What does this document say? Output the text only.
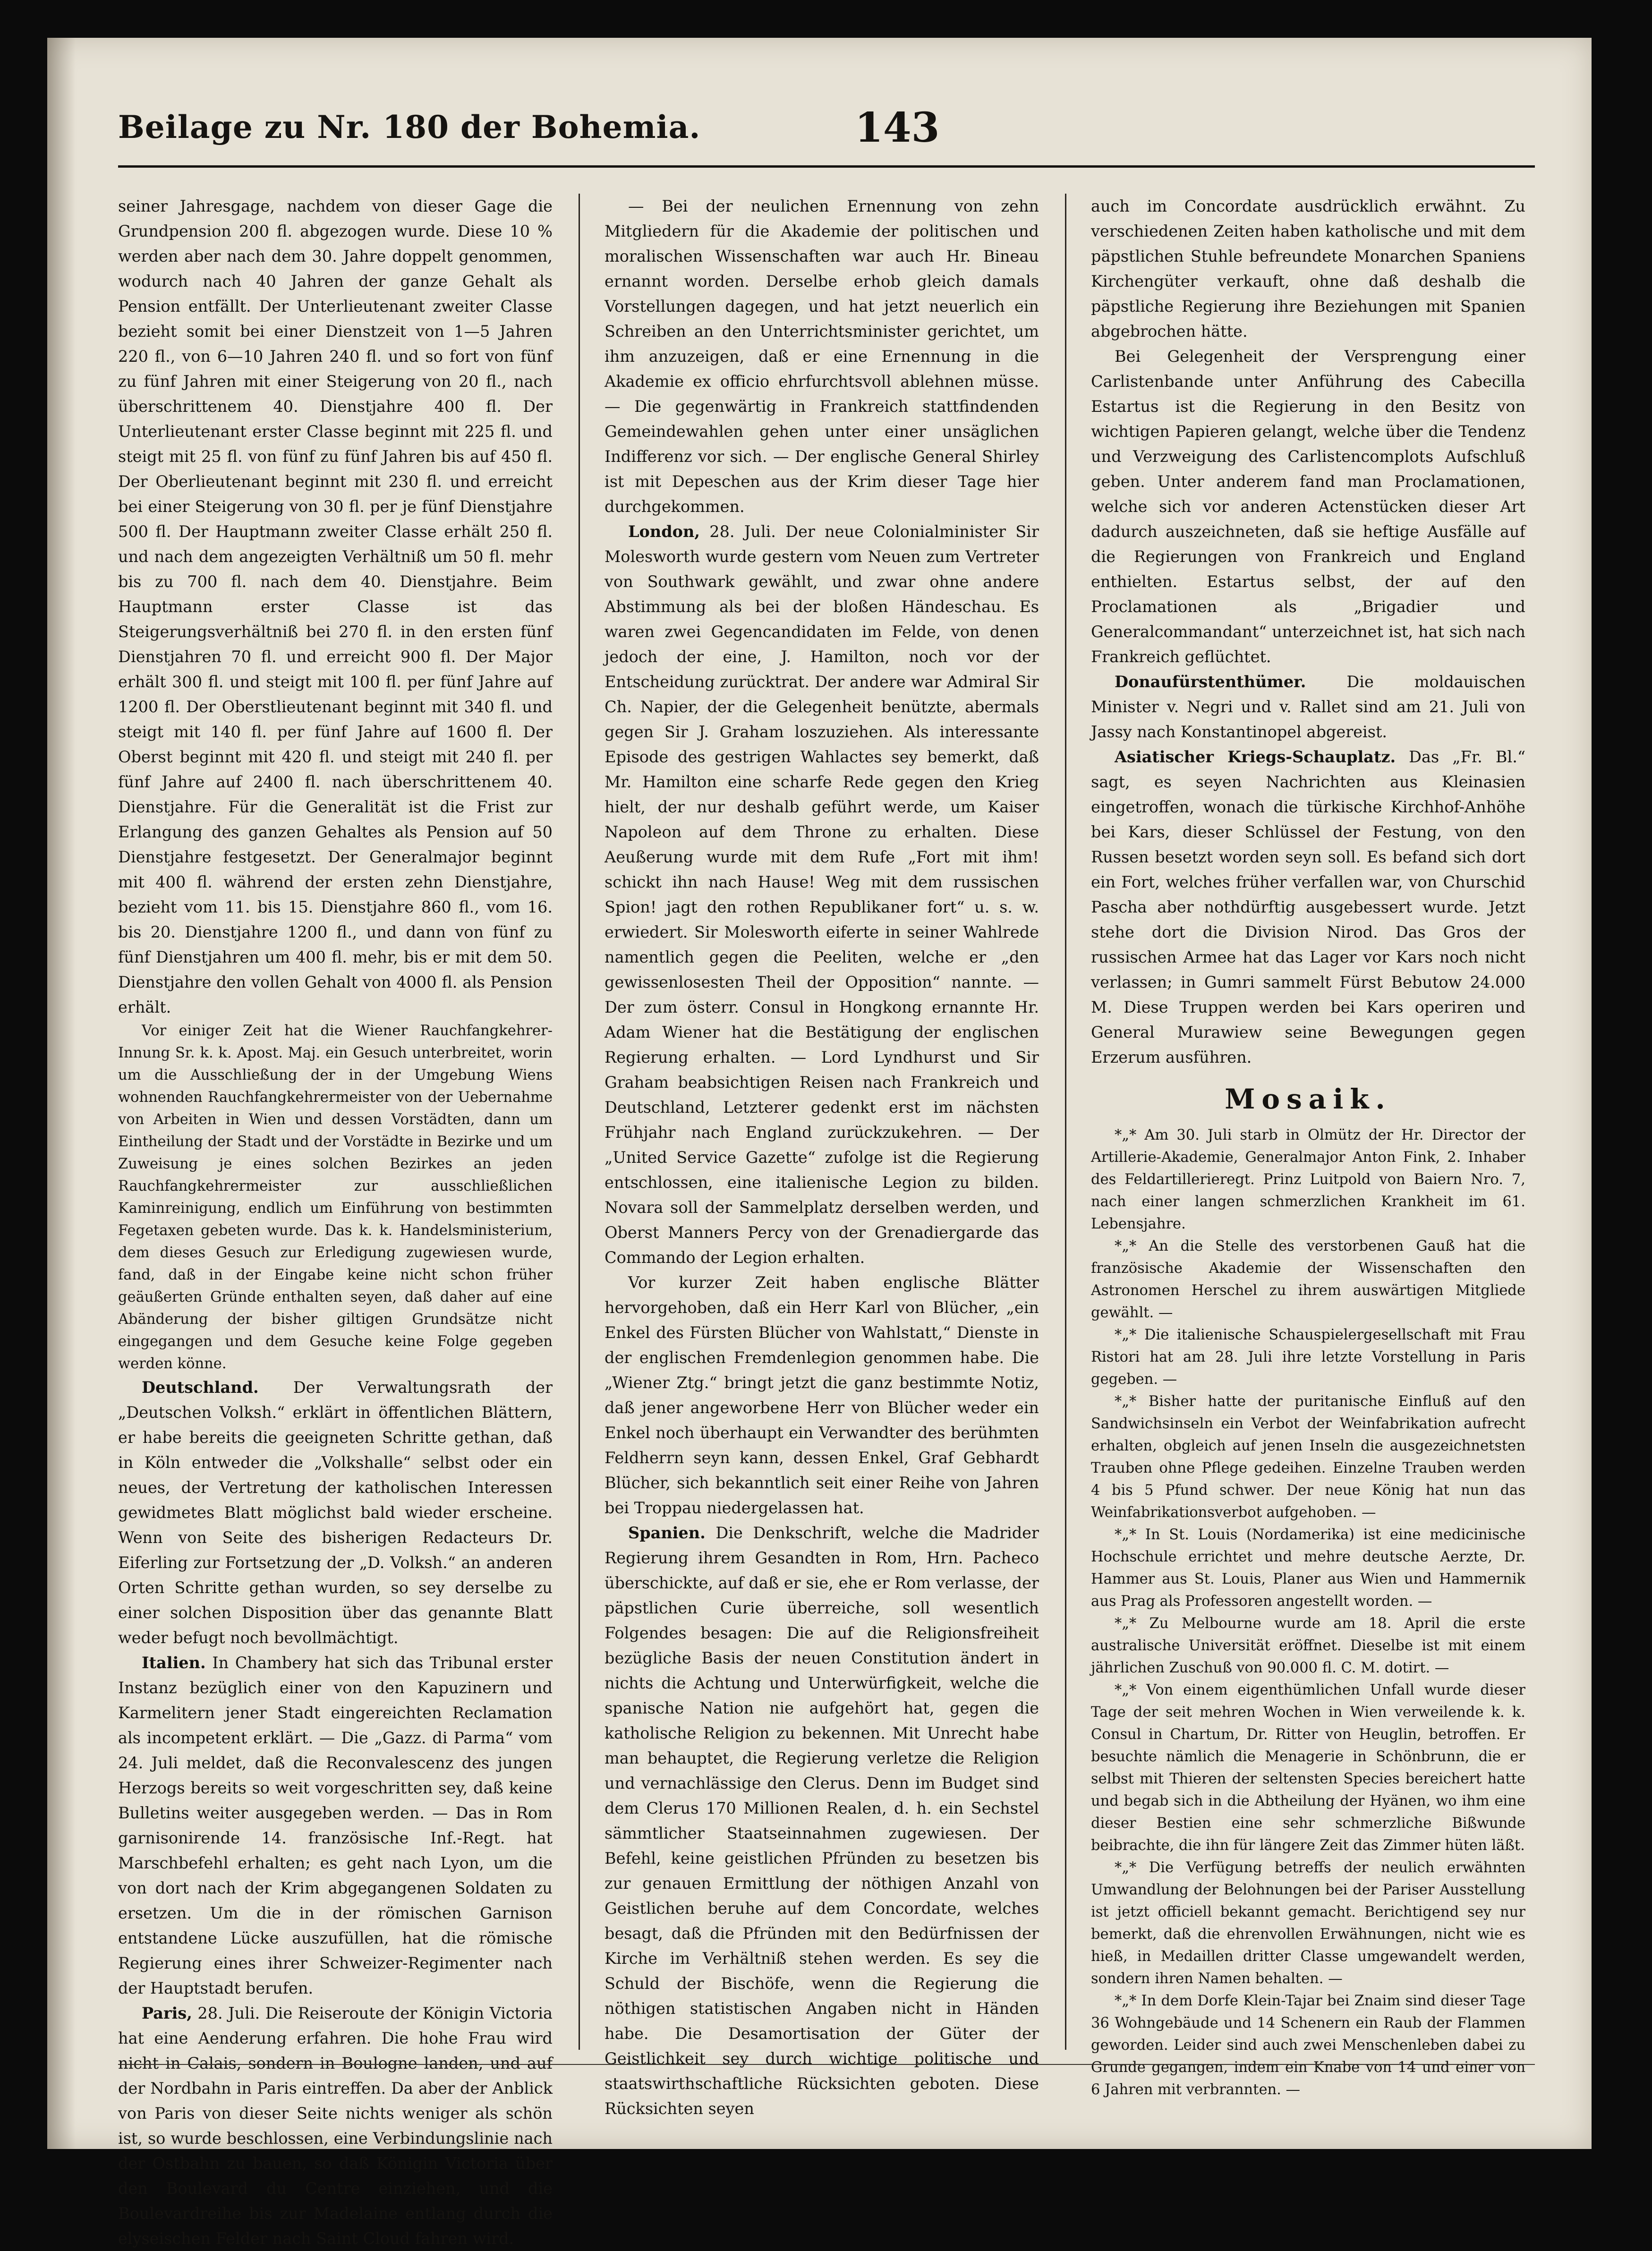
Beilage zu Nr. 180 der Bohemia.	143

seiner Jahresgage, nachdem von dieser Gage die Grundpension 200 fl. abgezogen wurde. Diese 10 % werden aber nach dem 30. Jahre doppelt genommen, wodurch nach 40 Jahren der ganze Gehalt als Pension entfällt. Der Unterlieutenant zweiter Classe bezieht somit bei einer Dienstzeit von 1—5 Jahren 220 fl., von 6—10 Jahren 240 fl. und so fort von fünf zu fünf Jahren mit einer Steigerung von 20 fl., nach überschrittenem 40. Dienstjahre 400 fl. Der Unterlieutenant erster Classe beginnt mit 225 fl. und steigt mit 25 fl. von fünf zu fünf Jahren bis auf 450 fl. Der Oberlieutenant beginnt mit 230 fl. und erreicht bei einer Steigerung von 30 fl. per je fünf Dienstjahre 500 fl. Der Hauptmann zweiter Classe erhält 250 fl. und nach dem angezeigten Verhältniß um 50 fl. mehr bis zu 700 fl. nach dem 40. Dienstjahre. Beim Hauptmann erster Classe ist das Steigerungsverhältniß bei 270 fl. in den ersten fünf Dienstjahren 70 fl. und erreicht 900 fl. Der Major erhält 300 fl. und steigt mit 100 fl. per fünf Jahre auf 1200 fl. Der Oberstlieutenant beginnt mit 340 fl. und steigt mit 140 fl. per fünf Jahre auf 1600 fl. Der Oberst beginnt mit 420 fl. und steigt mit 240 fl. per fünf Jahre auf 2400 fl. nach überschrittenem 40. Dienstjahre. Für die Generalität ist die Frist zur Erlangung des ganzen Gehaltes als Pension auf 50 Dienstjahre festgesetzt. Der Generalmajor beginnt mit 400 fl. während der ersten zehn Dienstjahre, bezieht vom 11. bis 15. Dienstjahre 860 fl., vom 16. bis 20. Dienstjahre 1200 fl., und dann von fünf zu fünf Dienstjahren um 400 fl. mehr, bis er mit dem 50. Dienstjahre den vollen Gehalt von 4000 fl. als Pension erhält.

Vor einiger Zeit hat die Wiener Rauchfangkehrer-Innung Sr. k. k. Apost. Maj. ein Gesuch unterbreitet, worin um die Ausschließung der in der Umgebung Wiens wohnenden Rauchfangkehrermeister von der Uebernahme von Arbeiten in Wien und dessen Vorstädten, dann um Eintheilung der Stadt und der Vorstädte in Bezirke und um Zuweisung je eines solchen Bezirkes an jeden Rauchfangkehrermeister zur ausschließlichen Kaminreinigung, endlich um Einführung von bestimmten Fegetaxen gebeten wurde. Das k. k. Handelsministerium, dem dieses Gesuch zur Erledigung zugewiesen wurde, fand, daß in der Eingabe keine nicht schon früher geäußerten Gründe enthalten seyen, daß daher auf eine Abänderung der bisher giltigen Grundsätze nicht eingegangen und dem Gesuche keine Folge gegeben werden könne.

Deutschland. Der Verwaltungsrath der „Deutschen Volksh.“ erklärt in öffentlichen Blättern, er habe bereits die geeigneten Schritte gethan, daß in Köln entweder die „Volkshalle“ selbst oder ein neues, der Vertretung der katholischen Interessen gewidmetes Blatt möglichst bald wieder erscheine. Wenn von Seite des bisherigen Redacteurs Dr. Eiferling zur Fortsetzung der „D. Volksh.“ an anderen Orten Schritte gethan wurden, so sey derselbe zu einer solchen Disposition über das genannte Blatt weder befugt noch bevollmächtigt.

Italien. In Chambery hat sich das Tribunal erster Instanz bezüglich einer von den Kapuzinern und Karmelitern jener Stadt eingereichten Reclamation als incompetent erklärt. — Die „Gazz. di Parma“ vom 24. Juli meldet, daß die Reconvalescenz des jungen Herzogs bereits so weit vorgeschritten sey, daß keine Bulletins weiter ausgegeben werden. — Das in Rom garnisonirende 14. französische Inf.-Regt. hat Marschbefehl erhalten; es geht nach Lyon, um die von dort nach der Krim abgegangenen Soldaten zu ersetzen. Um die in der römischen Garnison entstandene Lücke auszufüllen, hat die römische Regierung eines ihrer Schweizer-Regimenter nach der Hauptstadt berufen.

Paris, 28. Juli. Die Reiseroute der Königin Victoria hat eine Aenderung erfahren. Die hohe Frau wird nicht in Calais, sondern in Boulogne landen, und auf der Nordbahn in Paris eintreffen. Da aber der Anblick von Paris von dieser Seite nichts weniger als schön ist, so wurde beschlossen, eine Verbindungslinie nach der Ostbahn zu bauen, so daß Königin Victoria über den Boulevard du Centre einziehen, und die Boulevardreihe bis zur Madelaine entlang durch die elyseischen Felder nach Saint Cloud fahren wird.

— Bei der neulichen Ernennung von zehn Mitgliedern für die Akademie der politischen und moralischen Wissenschaften war auch Hr. Bineau ernannt worden. Derselbe erhob gleich damals Vorstellungen dagegen, und hat jetzt neuerlich ein Schreiben an den Unterrichtsminister gerichtet, um ihm anzuzeigen, daß er eine Ernennung in die Akademie ex officio ehrfurchtsvoll ablehnen müsse. — Die gegenwärtig in Frankreich stattfindenden Gemeindewahlen gehen unter einer unsäglichen Indifferenz vor sich. — Der englische General Shirley ist mit Depeschen aus der Krim dieser Tage hier durchgekommen.

London, 28. Juli. Der neue Colonialminister Sir Molesworth wurde gestern vom Neuen zum Vertreter von Southwark gewählt, und zwar ohne andere Abstimmung als bei der bloßen Händeschau. Es waren zwei Gegencandidaten im Felde, von denen jedoch der eine, J. Hamilton, noch vor der Entscheidung zurücktrat. Der andere war Admiral Sir Ch. Napier, der die Gelegenheit benützte, abermals gegen Sir J. Graham loszuziehen. Als interessante Episode des gestrigen Wahlactes sey bemerkt, daß Mr. Hamilton eine scharfe Rede gegen den Krieg hielt, der nur deshalb geführt werde, um Kaiser Napoleon auf dem Throne zu erhalten. Diese Aeußerung wurde mit dem Rufe „Fort mit ihm! schickt ihn nach Hause! Weg mit dem russischen Spion! jagt den rothen Republikaner fort“ u. s. w. erwiedert. Sir Molesworth eiferte in seiner Wahlrede namentlich gegen die Peeliten, welche er „den gewissenlosesten Theil der Opposition“ nannte. — Der zum österr. Consul in Hongkong ernannte Hr. Adam Wiener hat die Bestätigung der englischen Regierung erhalten. — Lord Lyndhurst und Sir Graham beabsichtigen Reisen nach Frankreich und Deutschland, Letzterer gedenkt erst im nächsten Frühjahr nach England zurückzukehren. — Der „United Service Gazette“ zufolge ist die Regierung entschlossen, eine italienische Legion zu bilden. Novara soll der Sammelplatz derselben werden, und Oberst Manners Percy von der Grenadiergarde das Commando der Legion erhalten.

Vor kurzer Zeit haben englische Blätter hervorgehoben, daß ein Herr Karl von Blücher, „ein Enkel des Fürsten Blücher von Wahlstatt,“ Dienste in der englischen Fremdenlegion genommen habe. Die „Wiener Ztg.“ bringt jetzt die ganz bestimmte Notiz, daß jener angeworbene Herr von Blücher weder ein Enkel noch überhaupt ein Verwandter des berühmten Feldherrn seyn kann, dessen Enkel, Graf Gebhardt Blücher, sich bekanntlich seit einer Reihe von Jahren bei Troppau niedergelassen hat.

Spanien. Die Denkschrift, welche die Madrider Regierung ihrem Gesandten in Rom, Hrn. Pacheco überschickte, auf daß er sie, ehe er Rom verlasse, der päpstlichen Curie überreiche, soll wesentlich Folgendes besagen: Die auf die Religionsfreiheit bezügliche Basis der neuen Constitution ändert in nichts die Achtung und Unterwürfigkeit, welche die spanische Nation nie aufgehört hat, gegen die katholische Religion zu bekennen. Mit Unrecht habe man behauptet, die Regierung verletze die Religion und vernachlässige den Clerus. Denn im Budget sind dem Clerus 170 Millionen Realen, d. h. ein Sechstel sämmtlicher Staatseinnahmen zugewiesen. Der Befehl, keine geistlichen Pfründen zu besetzen bis zur genauen Ermittlung der nöthigen Anzahl von Geistlichen beruhe auf dem Concordate, welches besagt, daß die Pfründen mit den Bedürfnissen der Kirche im Verhältniß stehen werden. Es sey die Schuld der Bischöfe, wenn die Regierung die nöthigen statistischen Angaben nicht in Händen habe. Die Desamortisation der Güter der Geistlichkeit sey durch wichtige politische und staatswirthschaftliche Rücksichten geboten. Diese Rücksichten seyen

auch im Concordate ausdrücklich erwähnt. Zu verschiedenen Zeiten haben katholische und mit dem päpstlichen Stuhle befreundete Monarchen Spaniens Kirchengüter verkauft, ohne daß deshalb die päpstliche Regierung ihre Beziehungen mit Spanien abgebrochen hätte.

Bei Gelegenheit der Versprengung einer Carlistenbande unter Anführung des Cabecilla Estartus ist die Regierung in den Besitz von wichtigen Papieren gelangt, welche über die Tendenz und Verzweigung des Carlistencomplots Aufschluß geben. Unter anderem fand man Proclamationen, welche sich vor anderen Actenstücken dieser Art dadurch auszeichneten, daß sie heftige Ausfälle auf die Regierungen von Frankreich und England enthielten. Estartus selbst, der auf den Proclamationen als „Brigadier und Generalcommandant“ unterzeichnet ist, hat sich nach Frankreich geflüchtet.

Donaufürstenthümer. Die moldauischen Minister v. Negri und v. Rallet sind am 21. Juli von Jassy nach Konstantinopel abgereist.

Asiatischer Kriegs-Schauplatz. Das „Fr. Bl.“ sagt, es seyen Nachrichten aus Kleinasien eingetroffen, wonach die türkische Kirchhof-Anhöhe bei Kars, dieser Schlüssel der Festung, von den Russen besetzt worden seyn soll. Es befand sich dort ein Fort, welches früher verfallen war, von Churschid Pascha aber nothdürftig ausgebessert wurde. Jetzt stehe dort die Division Nirod. Das Gros der russischen Armee hat das Lager vor Kars noch nicht verlassen; in Gumri sammelt Fürst Bebutow 24.000 M. Diese Truppen werden bei Kars operiren und General Murawiew seine Bewegungen gegen Erzerum ausführen.

Mosaik.

*„* Am 30. Juli starb in Olmütz der Hr. Director der Artillerie-Akademie, Generalmajor Anton Fink, 2. Inhaber des Feldartillerieregt. Prinz Luitpold von Baiern Nro. 7, nach einer langen schmerzlichen Krankheit im 61. Lebensjahre.

*„* An die Stelle des verstorbenen Gauß hat die französische Akademie der Wissenschaften den Astronomen Herschel zu ihrem auswärtigen Mitgliede gewählt. —

*„* Die italienische Schauspielergesellschaft mit Frau Ristori hat am 28. Juli ihre letzte Vorstellung in Paris gegeben. —

*„* Bisher hatte der puritanische Einfluß auf den Sandwichsinseln ein Verbot der Weinfabrikation aufrecht erhalten, obgleich auf jenen Inseln die ausgezeichnetsten Trauben ohne Pflege gedeihen. Einzelne Trauben werden 4 bis 5 Pfund schwer. Der neue König hat nun das Weinfabrikationsverbot aufgehoben. —

*„* In St. Louis (Nordamerika) ist eine medicinische Hochschule errichtet und mehre deutsche Aerzte, Dr. Hammer aus St. Louis, Planer aus Wien und Hammernik aus Prag als Professoren angestellt worden. —

*„* Zu Melbourne wurde am 18. April die erste australische Universität eröffnet. Dieselbe ist mit einem jährlichen Zuschuß von 90.000 fl. C. M. dotirt. —

*„* Von einem eigenthümlichen Unfall wurde dieser Tage der seit mehren Wochen in Wien verweilende k. k. Consul in Chartum, Dr. Ritter von Heuglin, betroffen. Er besuchte nämlich die Menagerie in Schönbrunn, die er selbst mit Thieren der seltensten Species bereichert hatte und begab sich in die Abtheilung der Hyänen, wo ihm eine dieser Bestien eine sehr schmerzliche Bißwunde beibrachte, die ihn für längere Zeit das Zimmer hüten läßt.

*„* Die Verfügung betreffs der neulich erwähnten Umwandlung der Belohnungen bei der Pariser Ausstellung ist jetzt officiell bekannt gemacht. Berichtigend sey nur bemerkt, daß die ehrenvollen Erwähnungen, nicht wie es hieß, in Medaillen dritter Classe umgewandelt werden, sondern ihren Namen behalten. —

*„* In dem Dorfe Klein-Tajar bei Znaim sind dieser Tage 36 Wohngebäude und 14 Schenern ein Raub der Flammen geworden. Leider sind auch zwei Menschenleben dabei zu Grunde gegangen, indem ein Knabe von 14 und einer von 6 Jahren mit verbrannten. —
